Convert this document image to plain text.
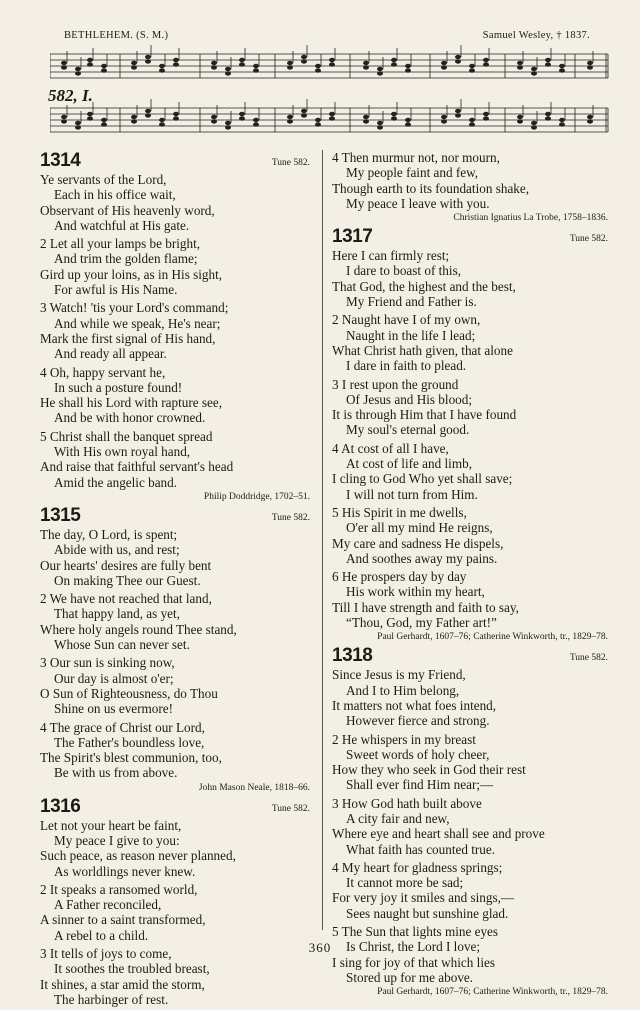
BETHLEHEM. (S. M.)	Samuel Wesley, † 1837.
582, I.
1314	Tune 582.
Ye servants of the Lord,
Each in his office wait,
Observant of His heavenly word,
And watchful at His gate.
2 Let all your lamps be bright,
And trim the golden flame;
Gird up your loins, as in His sight,
For awful is His Name.
3 Watch! 'tis your Lord's command;
And while we speak, He's near;
Mark the first signal of His hand,
And ready all appear.
4 Oh, happy servant he,
In such a posture found!
He shall his Lord with rapture see,
And be with honor crowned.
5 Christ shall the banquet spread
With His own royal hand,
And raise that faithful servant's head
Amid the angelic band.
Philip Doddridge, 1702–51.
1315	Tune 582.
The day, O Lord, is spent;
Abide with us, and rest;
Our hearts' desires are fully bent
On making Thee our Guest.
2 We have not reached that land,
That happy land, as yet,
Where holy angels round Thee stand,
Whose Sun can never set.
3 Our sun is sinking now,
Our day is almost o'er;
O Sun of Righteousness, do Thou
Shine on us evermore!
4 The grace of Christ our Lord,
The Father's boundless love,
The Spirit's blest communion, too,
Be with us from above.
John Mason Neale, 1818–66.
1316	Tune 582.
Let not your heart be faint,
My peace I give to you:
Such peace, as reason never planned,
As worldlings never knew.
2 It speaks a ransomed world,
A Father reconciled,
A sinner to a saint transformed,
A rebel to a child.
3 It tells of joys to come,
It soothes the troubled breast,
It shines, a star amid the storm,
The harbinger of rest.
4 Then murmur not, nor mourn,
My people faint and few,
Though earth to its foundation shake,
My peace I leave with you.
Christian Ignatius La Trobe, 1758–1836.
1317	Tune 582.
Here I can firmly rest;
I dare to boast of this,
That God, the highest and the best,
My Friend and Father is.
2 Naught have I of my own,
Naught in the life I lead;
What Christ hath given, that alone
I dare in faith to plead.
3 I rest upon the ground
Of Jesus and His blood;
It is through Him that I have found
My soul's eternal good.
4 At cost of all I have,
At cost of life and limb,
I cling to God Who yet shall save;
I will not turn from Him.
5 His Spirit in me dwells,
O'er all my mind He reigns,
My care and sadness He dispels,
And soothes away my pains.
6 He prospers day by day
His work within my heart,
Till I have strength and faith to say,
“Thou, God, my Father art!”
Paul Gerhardt, 1607–76; Catherine Winkworth, tr., 1829–78.
1318	Tune 582.
Since Jesus is my Friend,
And I to Him belong,
It matters not what foes intend,
However fierce and strong.
2 He whispers in my breast
Sweet words of holy cheer,
How they who seek in God their rest
Shall ever find Him near;—
3 How God hath built above
A city fair and new,
Where eye and heart shall see and prove
What faith has counted true.
4 My heart for gladness springs;
It cannot more be sad;
For very joy it smiles and sings,—
Sees naught but sunshine glad.
5 The Sun that lights mine eyes
Is Christ, the Lord I love;
I sing for joy of that which lies
Stored up for me above.
Paul Gerhardt, 1607–76; Catherine Winkworth, tr., 1829–78.
360
